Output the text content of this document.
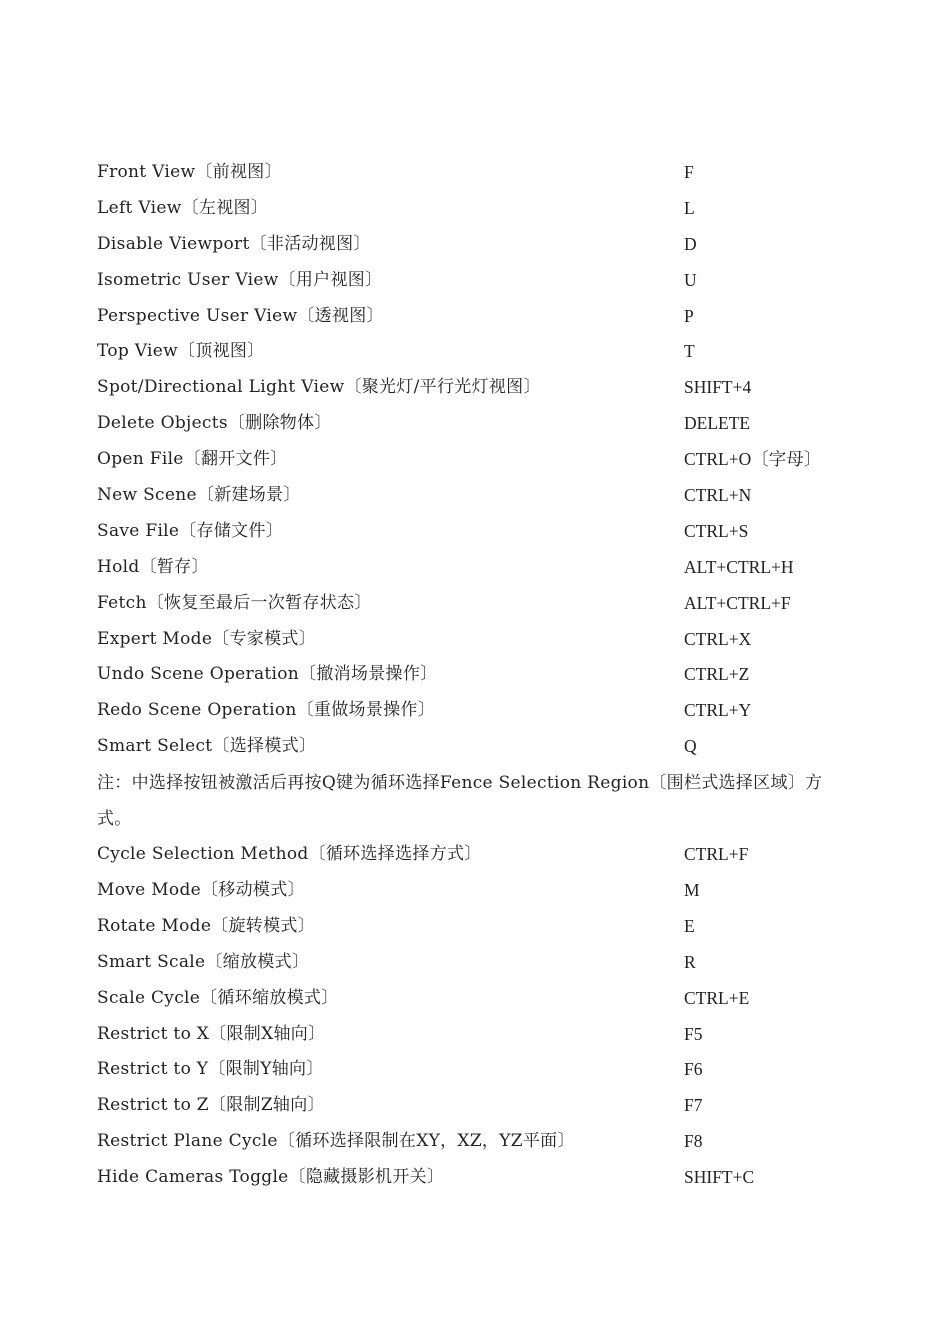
Front View〔前视图〕	F
Left View〔左视图〕	L
Disable Viewport〔非活动视图〕	D
Isometric User View〔用户视图〕	U
Perspective User View〔透视图〕	P
Top View〔顶视图〕	T
Spot/Directional Light View〔聚光灯/平行光灯视图〕	SHIFT+4
Delete Objects〔删除物体〕	DELETE
Open File〔翻开文件〕	CTRL+O〔字母〕
New Scene〔新建场景〕	CTRL+N
Save File〔存储文件〕	CTRL+S
Hold〔暂存〕	ALT+CTRL+H
Fetch〔恢复至最后一次暂存状态〕	ALT+CTRL+F
Expert Mode〔专家模式〕	CTRL+X
Undo Scene Operation〔撤消场景操作〕	CTRL+Z
Redo Scene Operation〔重做场景操作〕	CTRL+Y
Smart Select〔选择模式〕	Q
注：中选择按钮被激活后再按Q键为循环选择Fence Selection Region〔围栏式选择区域〕方式。
Cycle Selection Method〔循环选择选择方式〕	CTRL+F
Move Mode〔移动模式〕	M
Rotate Mode〔旋转模式〕	E
Smart Scale〔缩放模式〕	R
Scale Cycle〔循环缩放模式〕	CTRL+E
Restrict to X〔限制X轴向〕	F5
Restrict to Y〔限制Y轴向〕	F6
Restrict to Z〔限制Z轴向〕	F7
Restrict Plane Cycle〔循环选择限制在XY，XZ，YZ平面〕	F8
Hide Cameras Toggle〔隐藏摄影机开关〕	SHIFT+C
